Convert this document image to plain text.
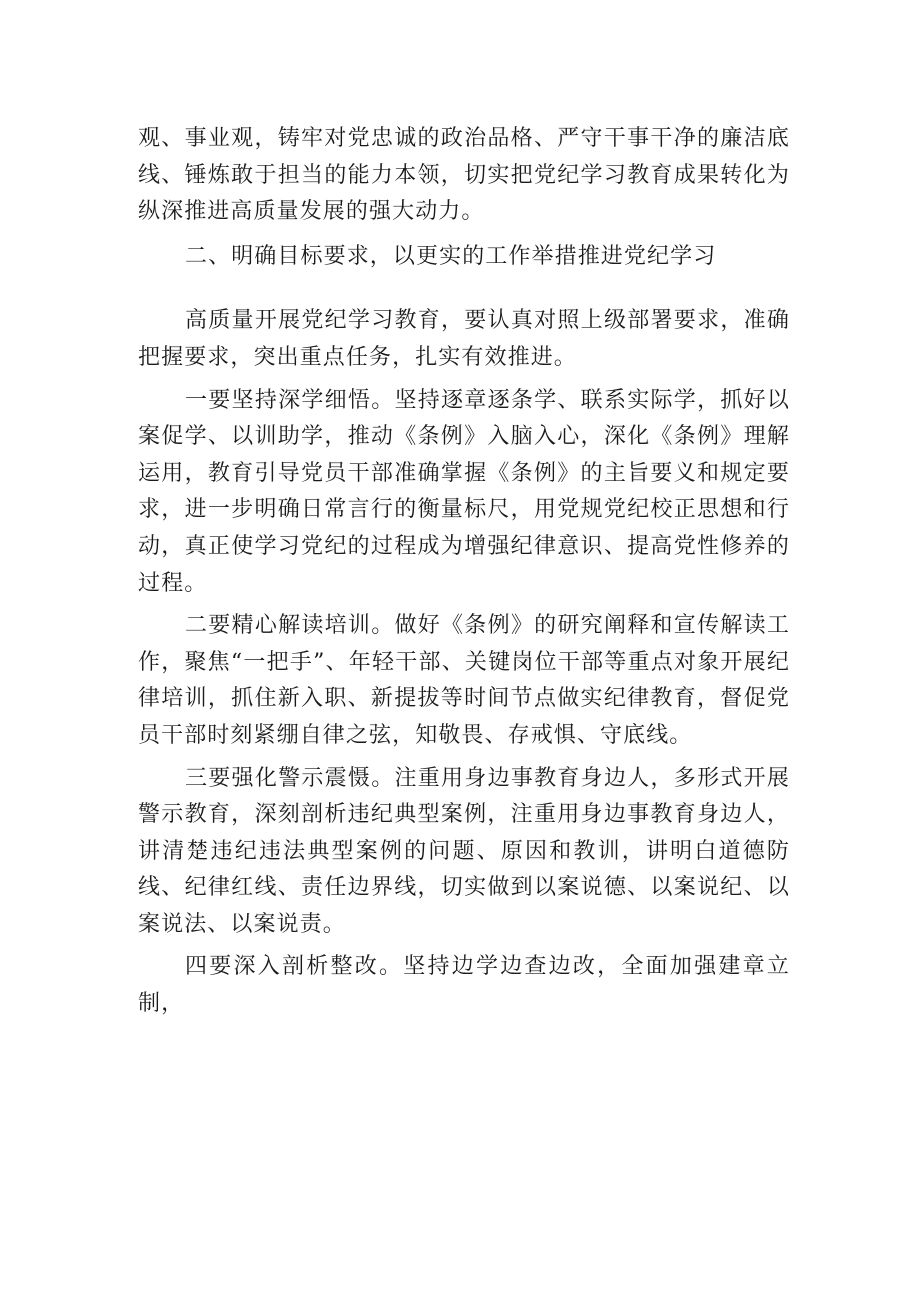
观、事业观，铸牢对党忠诚的政治品格、严守干事干净的廉洁底线、锤炼敢于担当的能力本领，切实把党纪学习教育成果转化为纵深推进高质量发展的强大动力。

二、明确目标要求，以更实的工作举措推进党纪学习

高质量开展党纪学习教育，要认真对照上级部署要求，准确把握要求，突出重点任务，扎实有效推进。

一要坚持深学细悟。坚持逐章逐条学、联系实际学，抓好以案促学、以训助学，推动《条例》入脑入心，深化《条例》理解运用，教育引导党员干部准确掌握《条例》的主旨要义和规定要求，进一步明确日常言行的衡量标尺，用党规党纪校正思想和行动，真正使学习党纪的过程成为增强纪律意识、提高党性修养的过程。

二要精心解读培训。做好《条例》的研究阐释和宣传解读工作，聚焦“一把手”、年轻干部、关键岗位干部等重点对象开展纪律培训，抓住新入职、新提拔等时间节点做实纪律教育，督促党员干部时刻紧绷自律之弦，知敬畏、存戒惧、守底线。

三要强化警示震慑。注重用身边事教育身边人，多形式开展警示教育，深刻剖析违纪典型案例，注重用身边事教育身边人，讲清楚违纪违法典型案例的问题、原因和教训，讲明白道德防线、纪律红线、责任边界线，切实做到以案说德、以案说纪、以案说法、以案说责。

四要深入剖析整改。坚持边学边查边改，全面加强建章立制，
